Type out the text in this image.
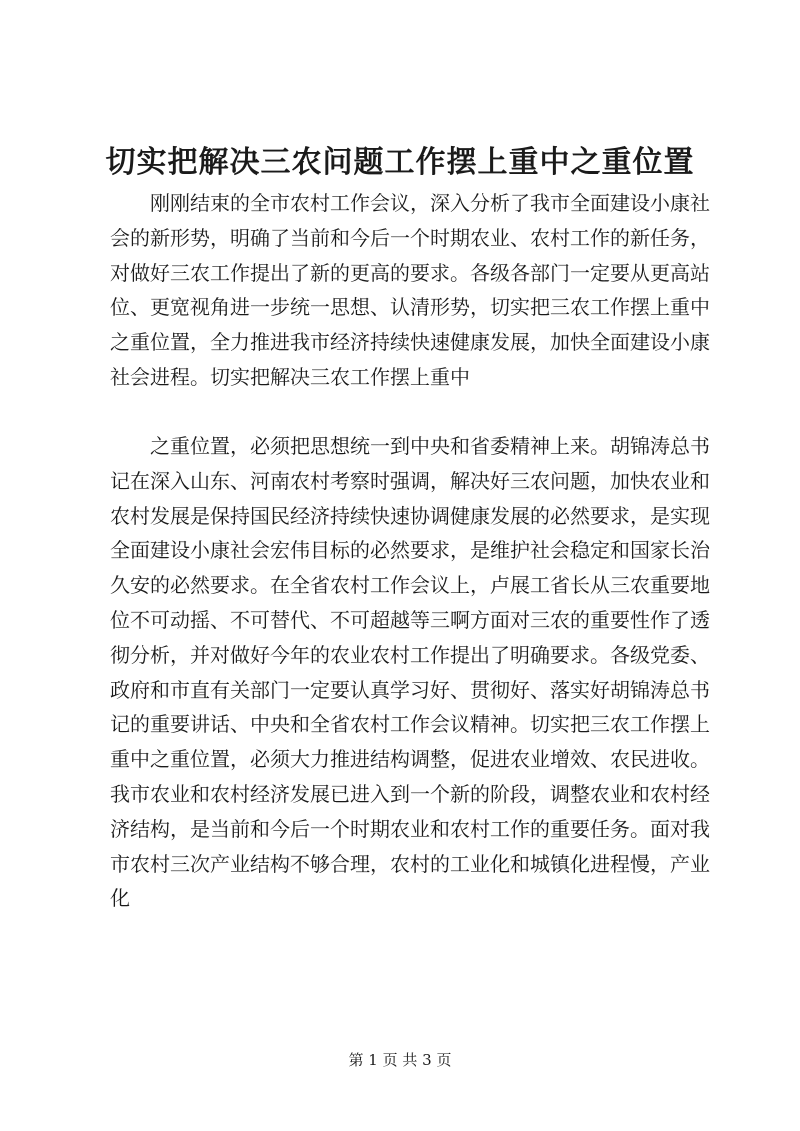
切实把解决三农问题工作摆上重中之重位置

刚刚结束的全市农村工作会议，深入分析了我市全面建设小康社会的新形势，明确了当前和今后一个时期农业、农村工作的新任务，对做好三农工作提出了新的更高的要求。各级各部门一定要从更高站位、更宽视角进一步统一思想、认清形势，切实把三农工作摆上重中之重位置，全力推进我市经济持续快速健康发展，加快全面建设小康社会进程。切实把解决三农工作摆上重中

之重位置，必须把思想统一到中央和省委精神上来。胡锦涛总书记在深入山东、河南农村考察时强调，解决好三农问题，加快农业和农村发展是保持国民经济持续快速协调健康发展的必然要求，是实现全面建设小康社会宏伟目标的必然要求，是维护社会稳定和国家长治久安的必然要求。在全省农村工作会议上，卢展工省长从三农重要地位不可动摇、不可替代、不可超越等三啊方面对三农的重要性作了透彻分析，并对做好今年的农业农村工作提出了明确要求。各级党委、政府和市直有关部门一定要认真学习好、贯彻好、落实好胡锦涛总书记的重要讲话、中央和全省农村工作会议精神。切实把三农工作摆上重中之重位置，必须大力推进结构调整，促进农业增效、农民进收。我市农业和农村经济发展已进入到一个新的阶段，调整农业和农村经济结构，是当前和今后一个时期农业和农村工作的重要任务。面对我市农村三次产业结构不够合理，农村的工业化和城镇化进程慢，产业化

第 1 页 共 3 页
